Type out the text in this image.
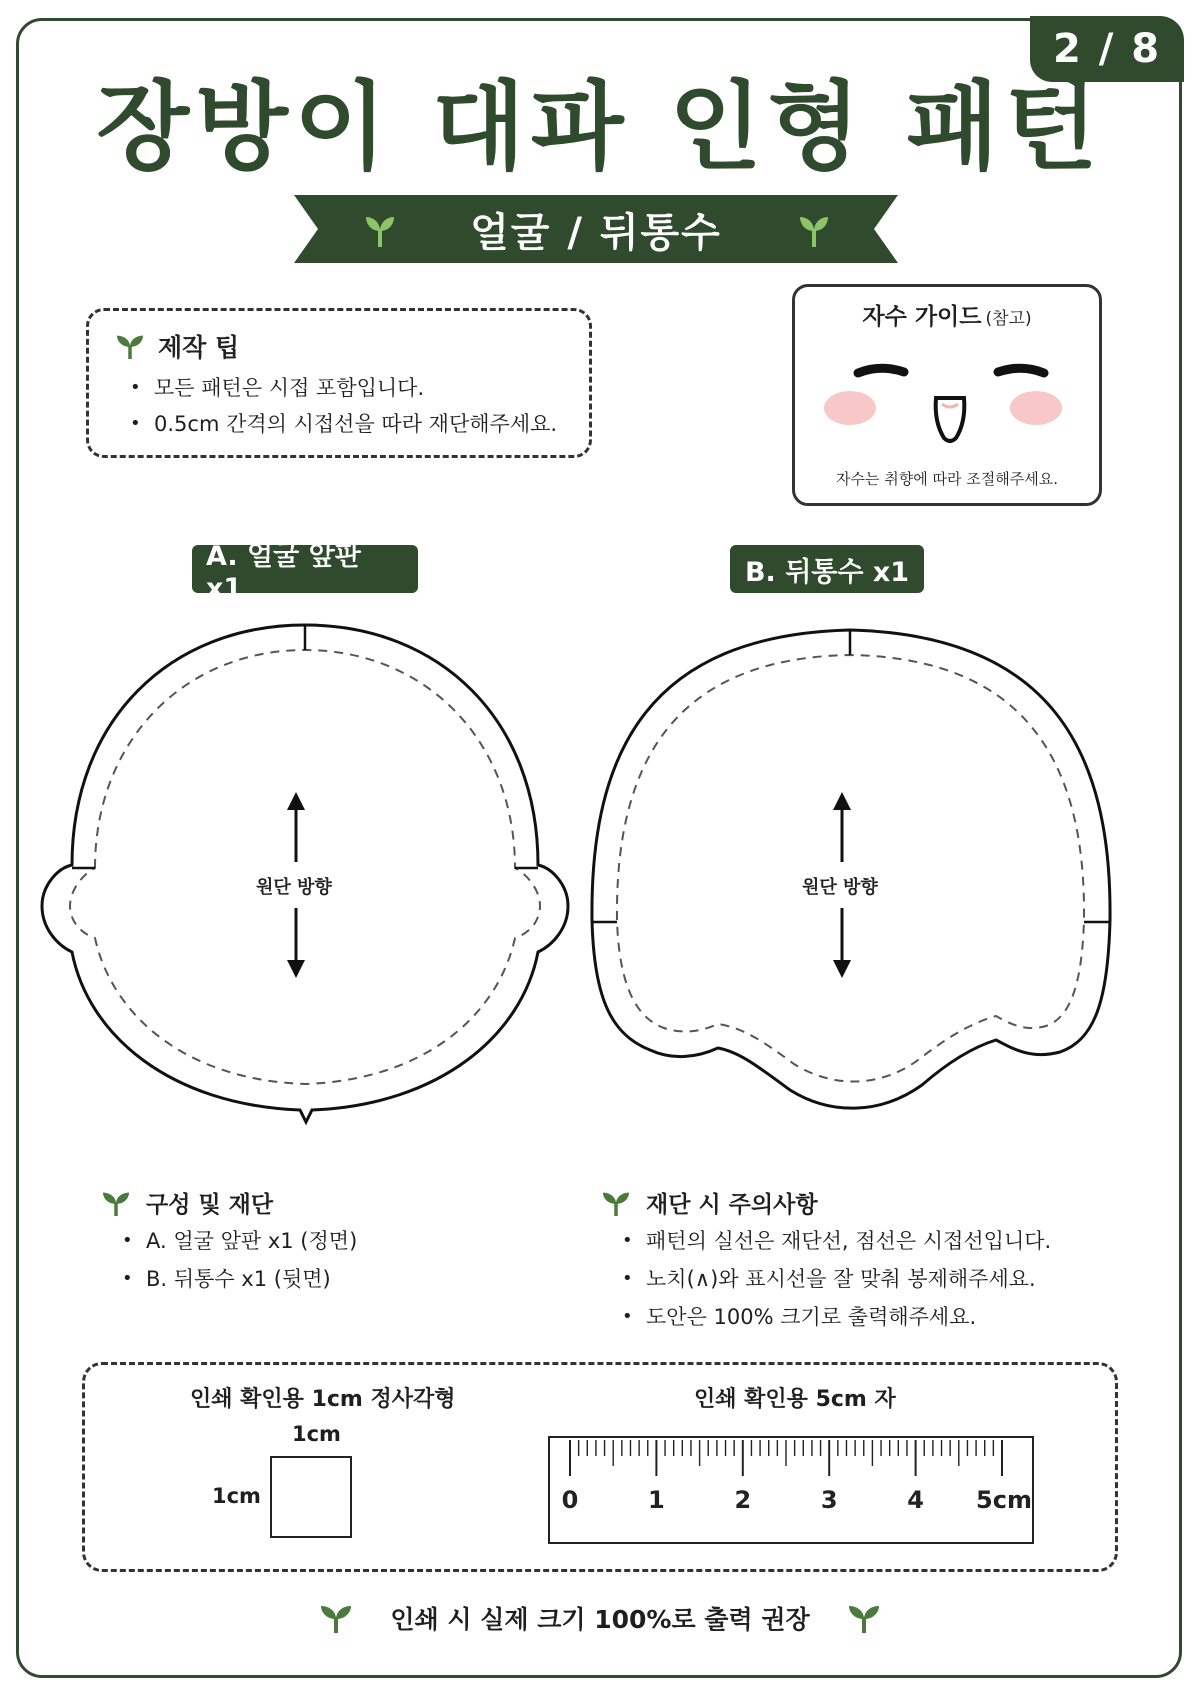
2 / 8
장방이 대파 인형 패턴
얼굴 / 뒤통수
제작 팁
• 모든 패턴은 시접 포함입니다.
• 0.5cm 간격의 시접선을 따라 재단해주세요.
자수 가이드 (참고)
자수는 취향에 따라 조절해주세요.
A. 얼굴 앞판 x1
B. 뒤통수 x1
원단 방향	원단 방향
구성 및 재단
• A. 얼굴 앞판 x1 (정면)
• B. 뒤통수 x1 (뒷면)
재단 시 주의사항
• 패턴의 실선은 재단선, 점선은 시접선입니다.
• 노치(∧)와 표시선을 잘 맞춰 봉제해주세요.
• 도안은 100% 크기로 출력해주세요.
인쇄 확인용 1cm 정사각형
1cm
1cm
인쇄 확인용 5cm 자
0	1	2	3	4 5cm
인쇄 시 실제 크기 100%로 출력 권장
